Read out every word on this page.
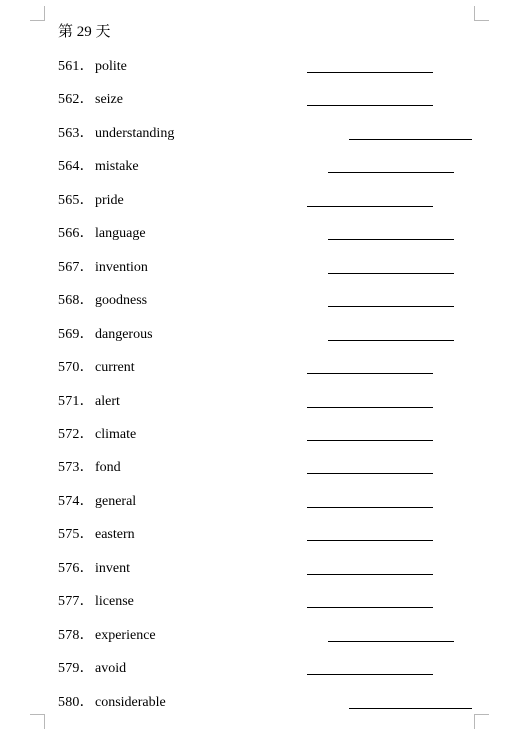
第 29 天
561． polite
562． seize
563． understanding
564． mistake
565． pride
566． language
567． invention
568． goodness
569． dangerous
570． current
571． alert
572． climate
573． fond
574． general
575． eastern
576． invent
577． license
578． experience
579． avoid
580． considerable
